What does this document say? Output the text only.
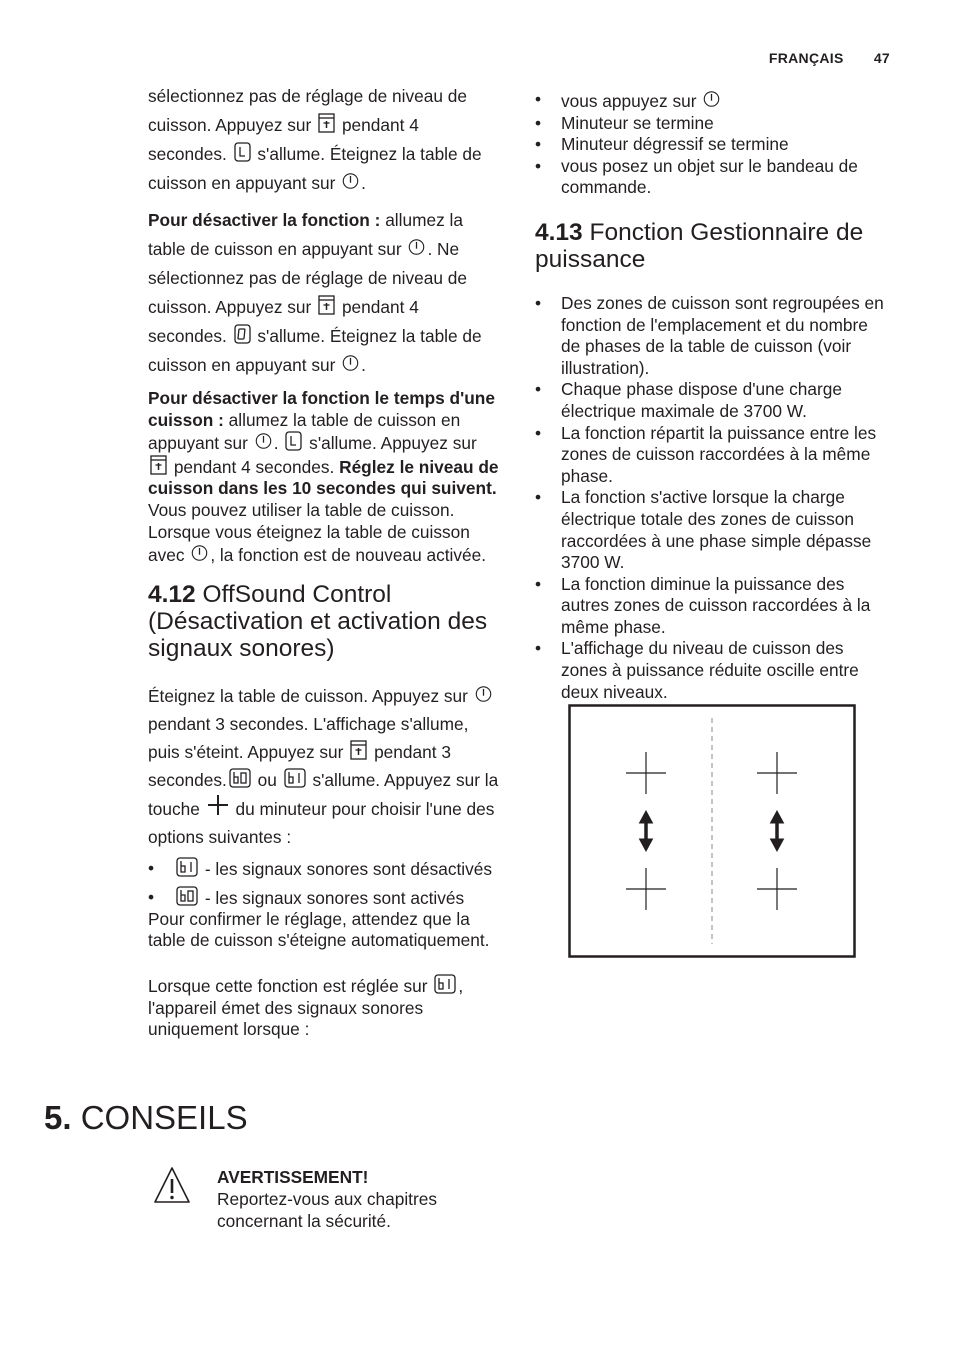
FRANÇAIS 47

sélectionnez pas de réglage de niveau de cuisson. Appuyez sur pendant 4 secondes. s'allume. Éteignez la table de cuisson en appuyant sur .

Pour désactiver la fonction : allumez la table de cuisson en appuyant sur . Ne sélectionnez pas de réglage de niveau de cuisson. Appuyez sur pendant 4 secondes. s'allume. Éteignez la table de cuisson en appuyant sur .

Pour désactiver la fonction le temps d'une cuisson : allumez la table de cuisson en appuyant sur . s'allume. Appuyez sur
pendant 4 secondes. Réglez le niveau de cuisson dans les 10 secondes qui suivent. Vous pouvez utiliser la table de cuisson. Lorsque vous éteignez la table de cuisson avec , la fonction est de nouveau activée.

4.12 OffSound Control (Désactivation et activation des signaux sonores)

Éteignez la table de cuisson. Appuyez sur
pendant 3 secondes. L'affichage s'allume, puis s'éteint. Appuyez sur pendant 3 secondes. ou s'allume. Appuyez sur la touche du minuteur pour choisir l'une des options suivantes :

• - les signaux sonores sont désactivés
• - les signaux sonores sont activés

Pour confirmer le réglage, attendez que la table de cuisson s'éteigne automatiquement.

Lorsque cette fonction est réglée sur , l'appareil émet des signaux sonores uniquement lorsque :

• vous appuyez sur
• Minuteur se termine
• Minuteur dégressif se termine
• vous posez un objet sur le bandeau de commande.
4.13 Fonction Gestionnaire de puissance
• Des zones de cuisson sont regroupées en fonction de l'emplacement et du nombre de phases de la table de cuisson (voir illustration).
• Chaque phase dispose d'une charge électrique maximale de 3700 W.
• La fonction répartit la puissance entre les zones de cuisson raccordées à la même phase.
• La fonction s'active lorsque la charge électrique totale des zones de cuisson raccordées à une phase simple dépasse 3700 W.
• La fonction diminue la puissance des autres zones de cuisson raccordées à la même phase.
• L'affichage du niveau de cuisson des zones à puissance réduite oscille entre deux niveaux.
5. CONSEILS
AVERTISSEMENT!
Reportez-vous aux chapitres concernant la sécurité.
